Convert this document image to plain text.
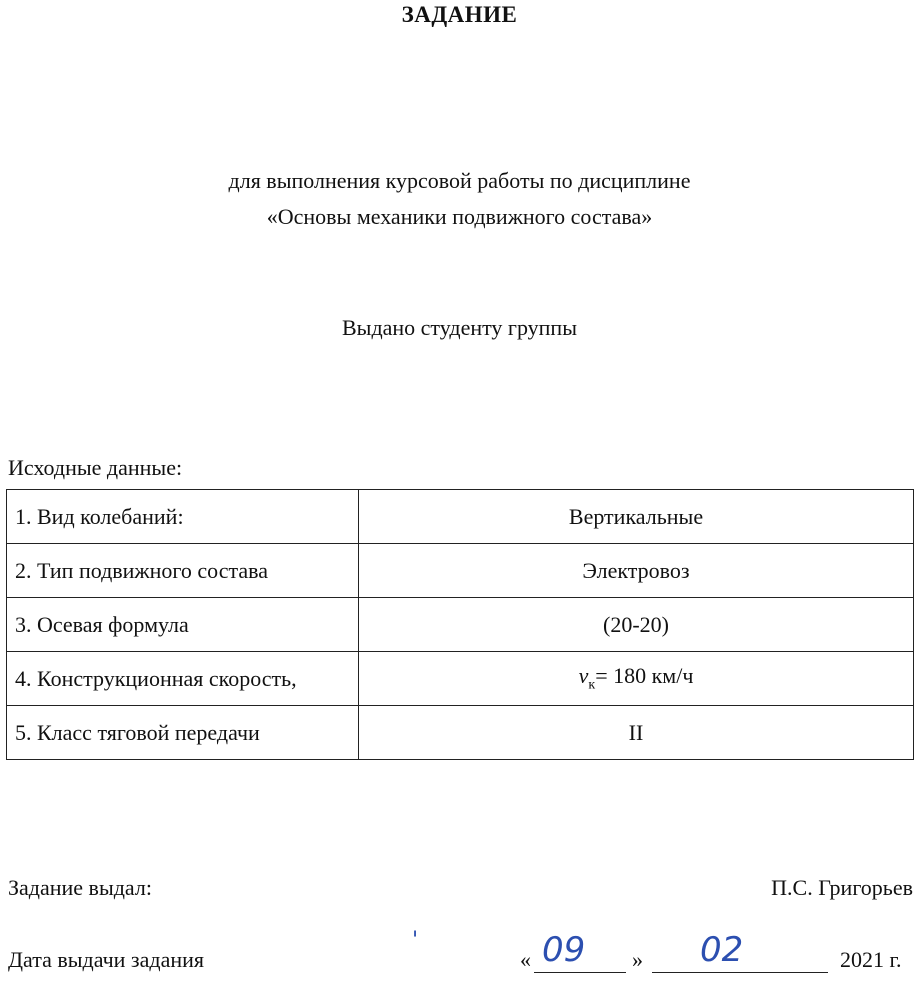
ЗАДАНИЕ
для выполнения курсовой работы по дисциплине
«Основы механики подвижного состава»
Выдано студенту группы
Исходные данные:
1. Вид колебаний:	Вертикальные
2. Тип подвижного состава	Электровоз
3. Осевая формула	(20-20)
4. Конструкционная скорость,	$v_к= 180$ км/ч
5. Класс тяговой передачи	II
Задание выдал:	П.С. Григорьев
Дата выдачи задания
'
« 09 » 02	2021 г.
